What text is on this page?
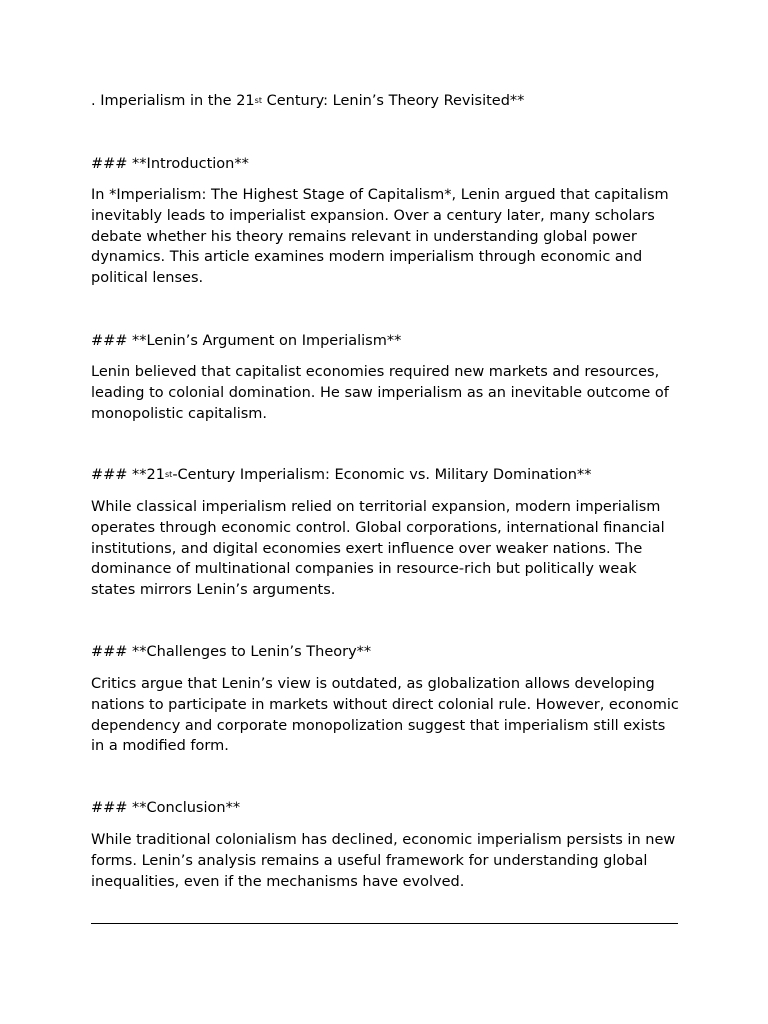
. Imperialism in the 21st Century: Lenin’s Theory Revisited**
### **Introduction**
In *Imperialism: The Highest Stage of Capitalism*, Lenin argued that capitalism inevitably leads to imperialist expansion. Over a century later, many scholars debate whether his theory remains relevant in understanding global power dynamics. This article examines modern imperialism through economic and political lenses.
### **Lenin’s Argument on Imperialism**
Lenin believed that capitalist economies required new markets and resources, leading to colonial domination. He saw imperialism as an inevitable outcome of monopolistic capitalism.
### **21st-Century Imperialism: Economic vs. Military Domination**
While classical imperialism relied on territorial expansion, modern imperialism operates through economic control. Global corporations, international financial institutions, and digital economies exert influence over weaker nations. The dominance of multinational companies in resource-rich but politically weak states mirrors Lenin’s arguments.
### **Challenges to Lenin’s Theory**
Critics argue that Lenin’s view is outdated, as globalization allows developing nations to participate in markets without direct colonial rule. However, economic dependency and corporate monopolization suggest that imperialism still exists in a modified form.
### **Conclusion**
While traditional colonialism has declined, economic imperialism persists in new forms. Lenin’s analysis remains a useful framework for understanding global inequalities, even if the mechanisms have evolved.
